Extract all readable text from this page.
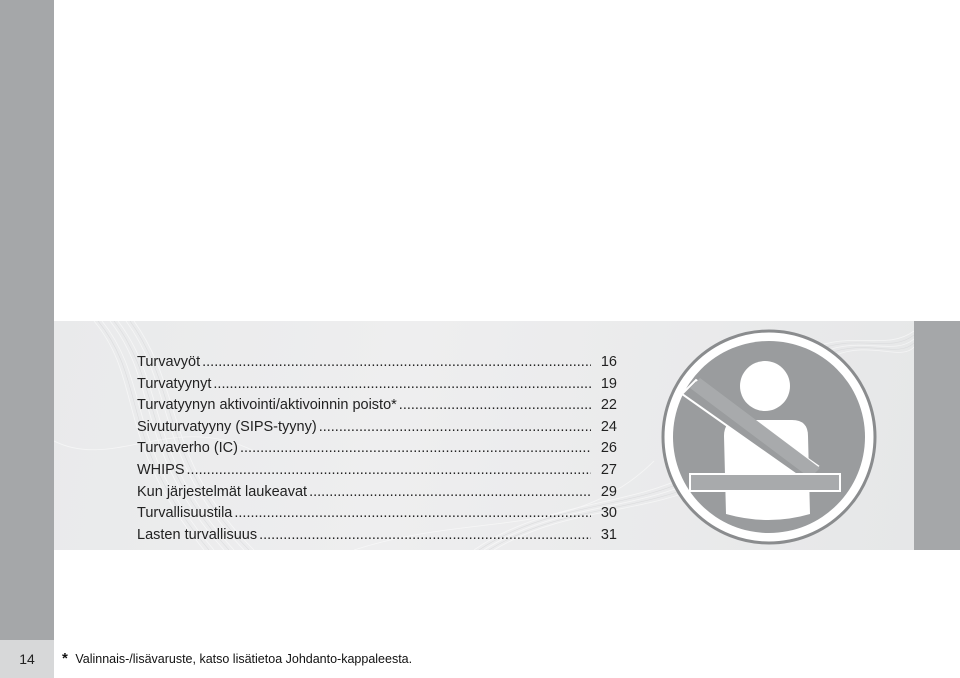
Turvavyöt .....	16
Turvatyynyt .....	19
Turvatyynyn aktivointi/aktivoinnin poisto* .....	22
Sivuturvatyyny (SIPS-tyyny) .....	24
Turvaverho (IC) .....	26
WHIPS .....	27
Kun järjestelmät laukeavat .....	29
Turvallisuustila .....	30
Lasten turvallisuus .....	31
14	* Valinnais-/lisävaruste, katso lisätietoa Johdanto-kappaleesta.
